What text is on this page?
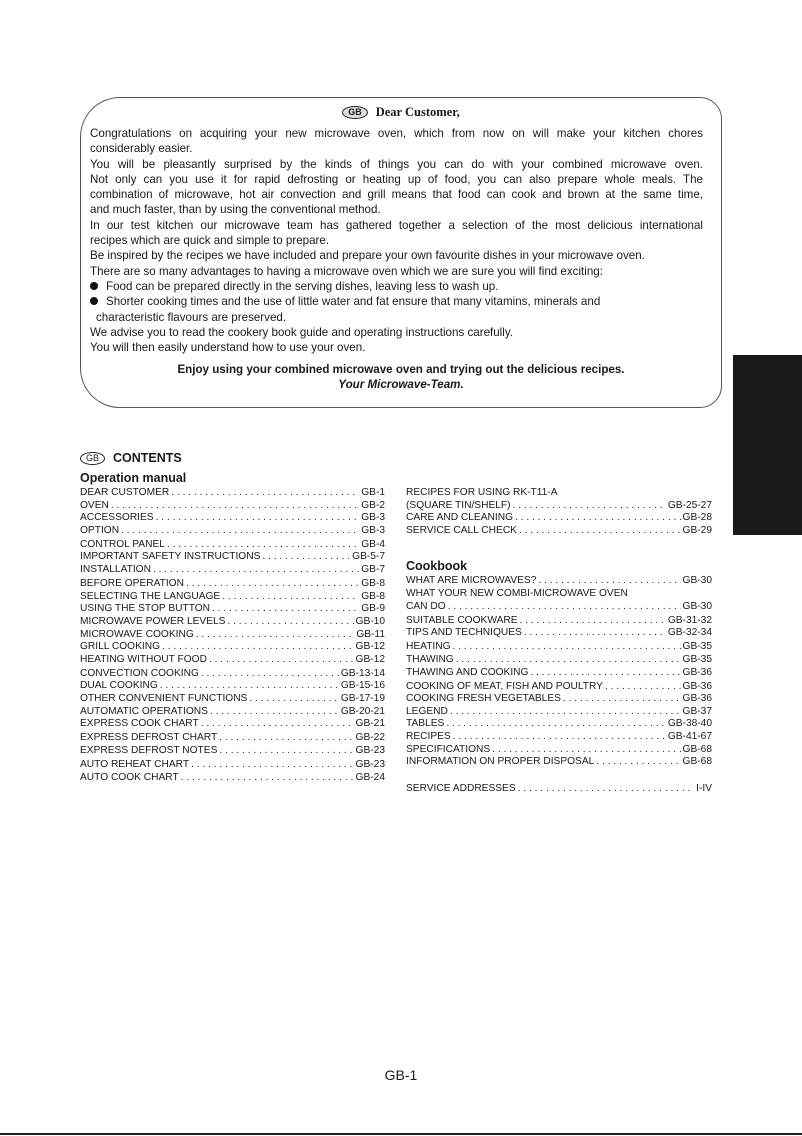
GB Dear Customer,
Congratulations on acquiring your new microwave oven, which from now on will make your kitchen chores
considerably easier.
You will be pleasantly surprised by the kinds of things you can do with your combined microwave oven.
Not only can you use it for rapid defrosting or heating up of food, you can also prepare whole meals. The
combination of microwave, hot air convection and grill means that food can cook and brown at the same time,
and much faster, than by using the conventional method.
In our test kitchen our microwave team has gathered together a selection of the most delicious international
recipes which are quick and simple to prepare.
Be inspired by the recipes we have included and prepare your own favourite dishes in your microwave oven.
There are so many advantages to having a microwave oven which we are sure you will find exciting:
Food can be prepared directly in the serving dishes, leaving less to wash up.
Shorter cooking times and the use of little water and fat ensure that many vitamins, minerals and
characteristic flavours are preserved.
We advise you to read the cookery book guide and operating instructions carefully.
You will then easily understand how to use your oven.
Enjoy using your combined microwave oven and trying out the delicious recipes.
Your Microwave-Team.
GB CONTENTS
Operation manual
DEAR CUSTOMER . . .	GB-1
OVEN . . .	GB-2
ACCESSORIES . . .	GB-3
OPTION . . .	GB-3
CONTROL PANEL . . .	GB-4
IMPORTANT SAFETY INSTRUCTIONS . . .	GB-5-7
INSTALLATION . . .	GB-7
BEFORE OPERATION . . .	GB-8
SELECTING THE LANGUAGE . . .	GB-8
USING THE STOP BUTTON . . .	GB-9
MICROWAVE POWER LEVELS . . .	GB-10
MICROWAVE COOKING . . .	GB-11
GRILL COOKING . . .	GB-12
HEATING WITHOUT FOOD . . .	GB-12
CONVECTION COOKING . . .	GB-13-14
DUAL COOKING . . .	GB-15-16
OTHER CONVENIENT FUNCTIONS . . .	GB-17-19
AUTOMATIC OPERATIONS . . .	GB-20-21
EXPRESS COOK CHART . . .	GB-21
EXPRESS DEFROST CHART . . .	GB-22
EXPRESS DEFROST NOTES . . .	GB-23
AUTO REHEAT CHART . . .	GB-23
AUTO COOK CHART . . .	GB-24
RECIPES FOR USING RK-T11-A
(SQUARE TIN/SHELF) . . .	GB-25-27
CARE AND CLEANING . . .	GB-28
SERVICE CALL CHECK . . .	GB-29
Cookbook
WHAT ARE MICROWAVES? . . .	GB-30
WHAT YOUR NEW COMBI-MICROWAVE OVEN
CAN DO . . .	GB-30
SUITABLE COOKWARE . . .	GB-31-32
TIPS AND TECHNIQUES . . .	GB-32-34
HEATING . . .	GB-35
THAWING . . .	GB-35
THAWING AND COOKING . . .	GB-36
COOKING OF MEAT, FISH AND POULTRY . . .	GB-36
COOKING FRESH VEGETABLES . . .	GB-36
LEGEND . . .	GB-37
TABLES . . .	GB-38-40
RECIPES . . .	GB-41-67
SPECIFICATIONS . . .	GB-68
INFORMATION ON PROPER DISPOSAL . . .	GB-68
SERVICE ADDRESSES . . .	I-IV
GB-1
